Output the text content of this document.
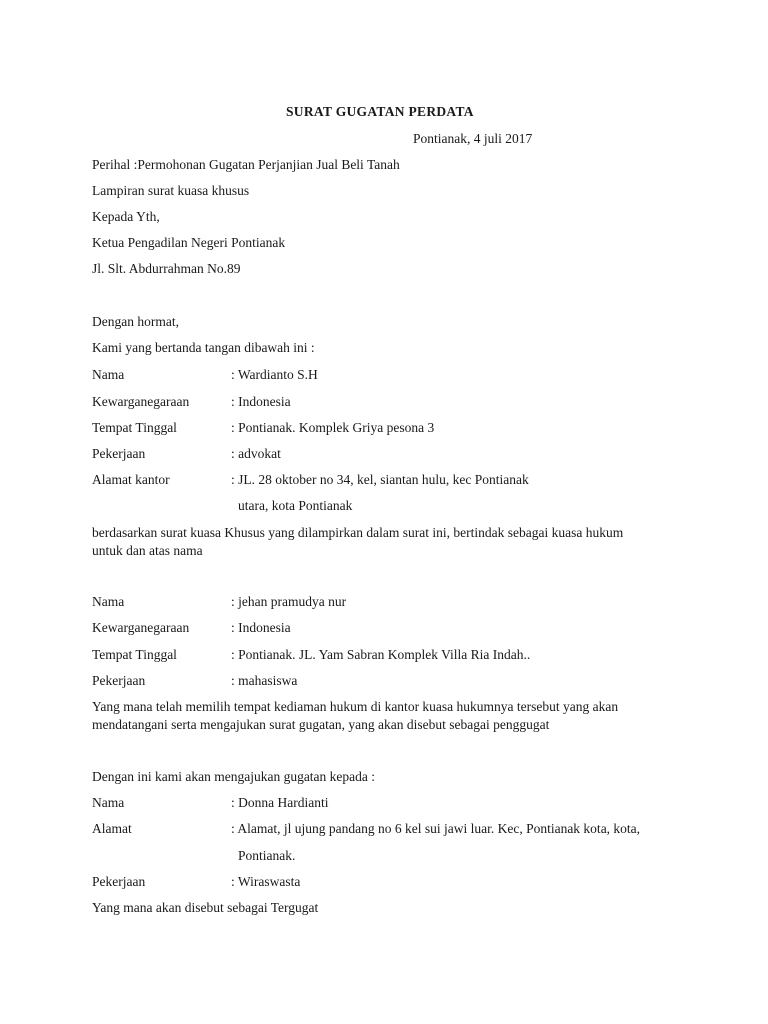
SURAT GUGATAN PERDATA
Pontianak, 4 juli 2017
Perihal :Permohonan Gugatan Perjanjian Jual Beli Tanah
Lampiran surat kuasa khusus
Kepada Yth,
Ketua Pengadilan Negeri Pontianak
Jl. Slt. Abdurrahman No.89
Dengan hormat,
Kami yang bertanda tangan dibawah ini :
Nama	: Wardianto S.H
Kewarganegaraan	: Indonesia
Tempat Tinggal	: Pontianak. Komplek Griya pesona 3
Pekerjaan	: advokat
Alamat kantor	: JL. 28 oktober no 34, kel, siantan hulu, kec Pontianak
utara, kota Pontianak
berdasarkan surat kuasa Khusus yang dilampirkan dalam surat ini, bertindak sebagai kuasa hukum
untuk dan atas nama
Nama	: jehan pramudya nur
Kewarganegaraan	: Indonesia
Tempat Tinggal	: Pontianak. JL. Yam Sabran Komplek Villa Ria Indah..
Pekerjaan	: mahasiswa
Yang mana telah memilih tempat kediaman hukum di kantor kuasa hukumnya tersebut yang akan
mendatangani serta mengajukan surat gugatan, yang akan disebut sebagai penggugat
Dengan ini kami akan mengajukan gugatan kepada :
Nama	: Donna Hardianti
Alamat	: Alamat, jl ujung pandang no 6 kel sui jawi luar. Kec, Pontianak kota, kota,
Pontianak.
Pekerjaan	: Wiraswasta
Yang mana akan disebut sebagai Tergugat
